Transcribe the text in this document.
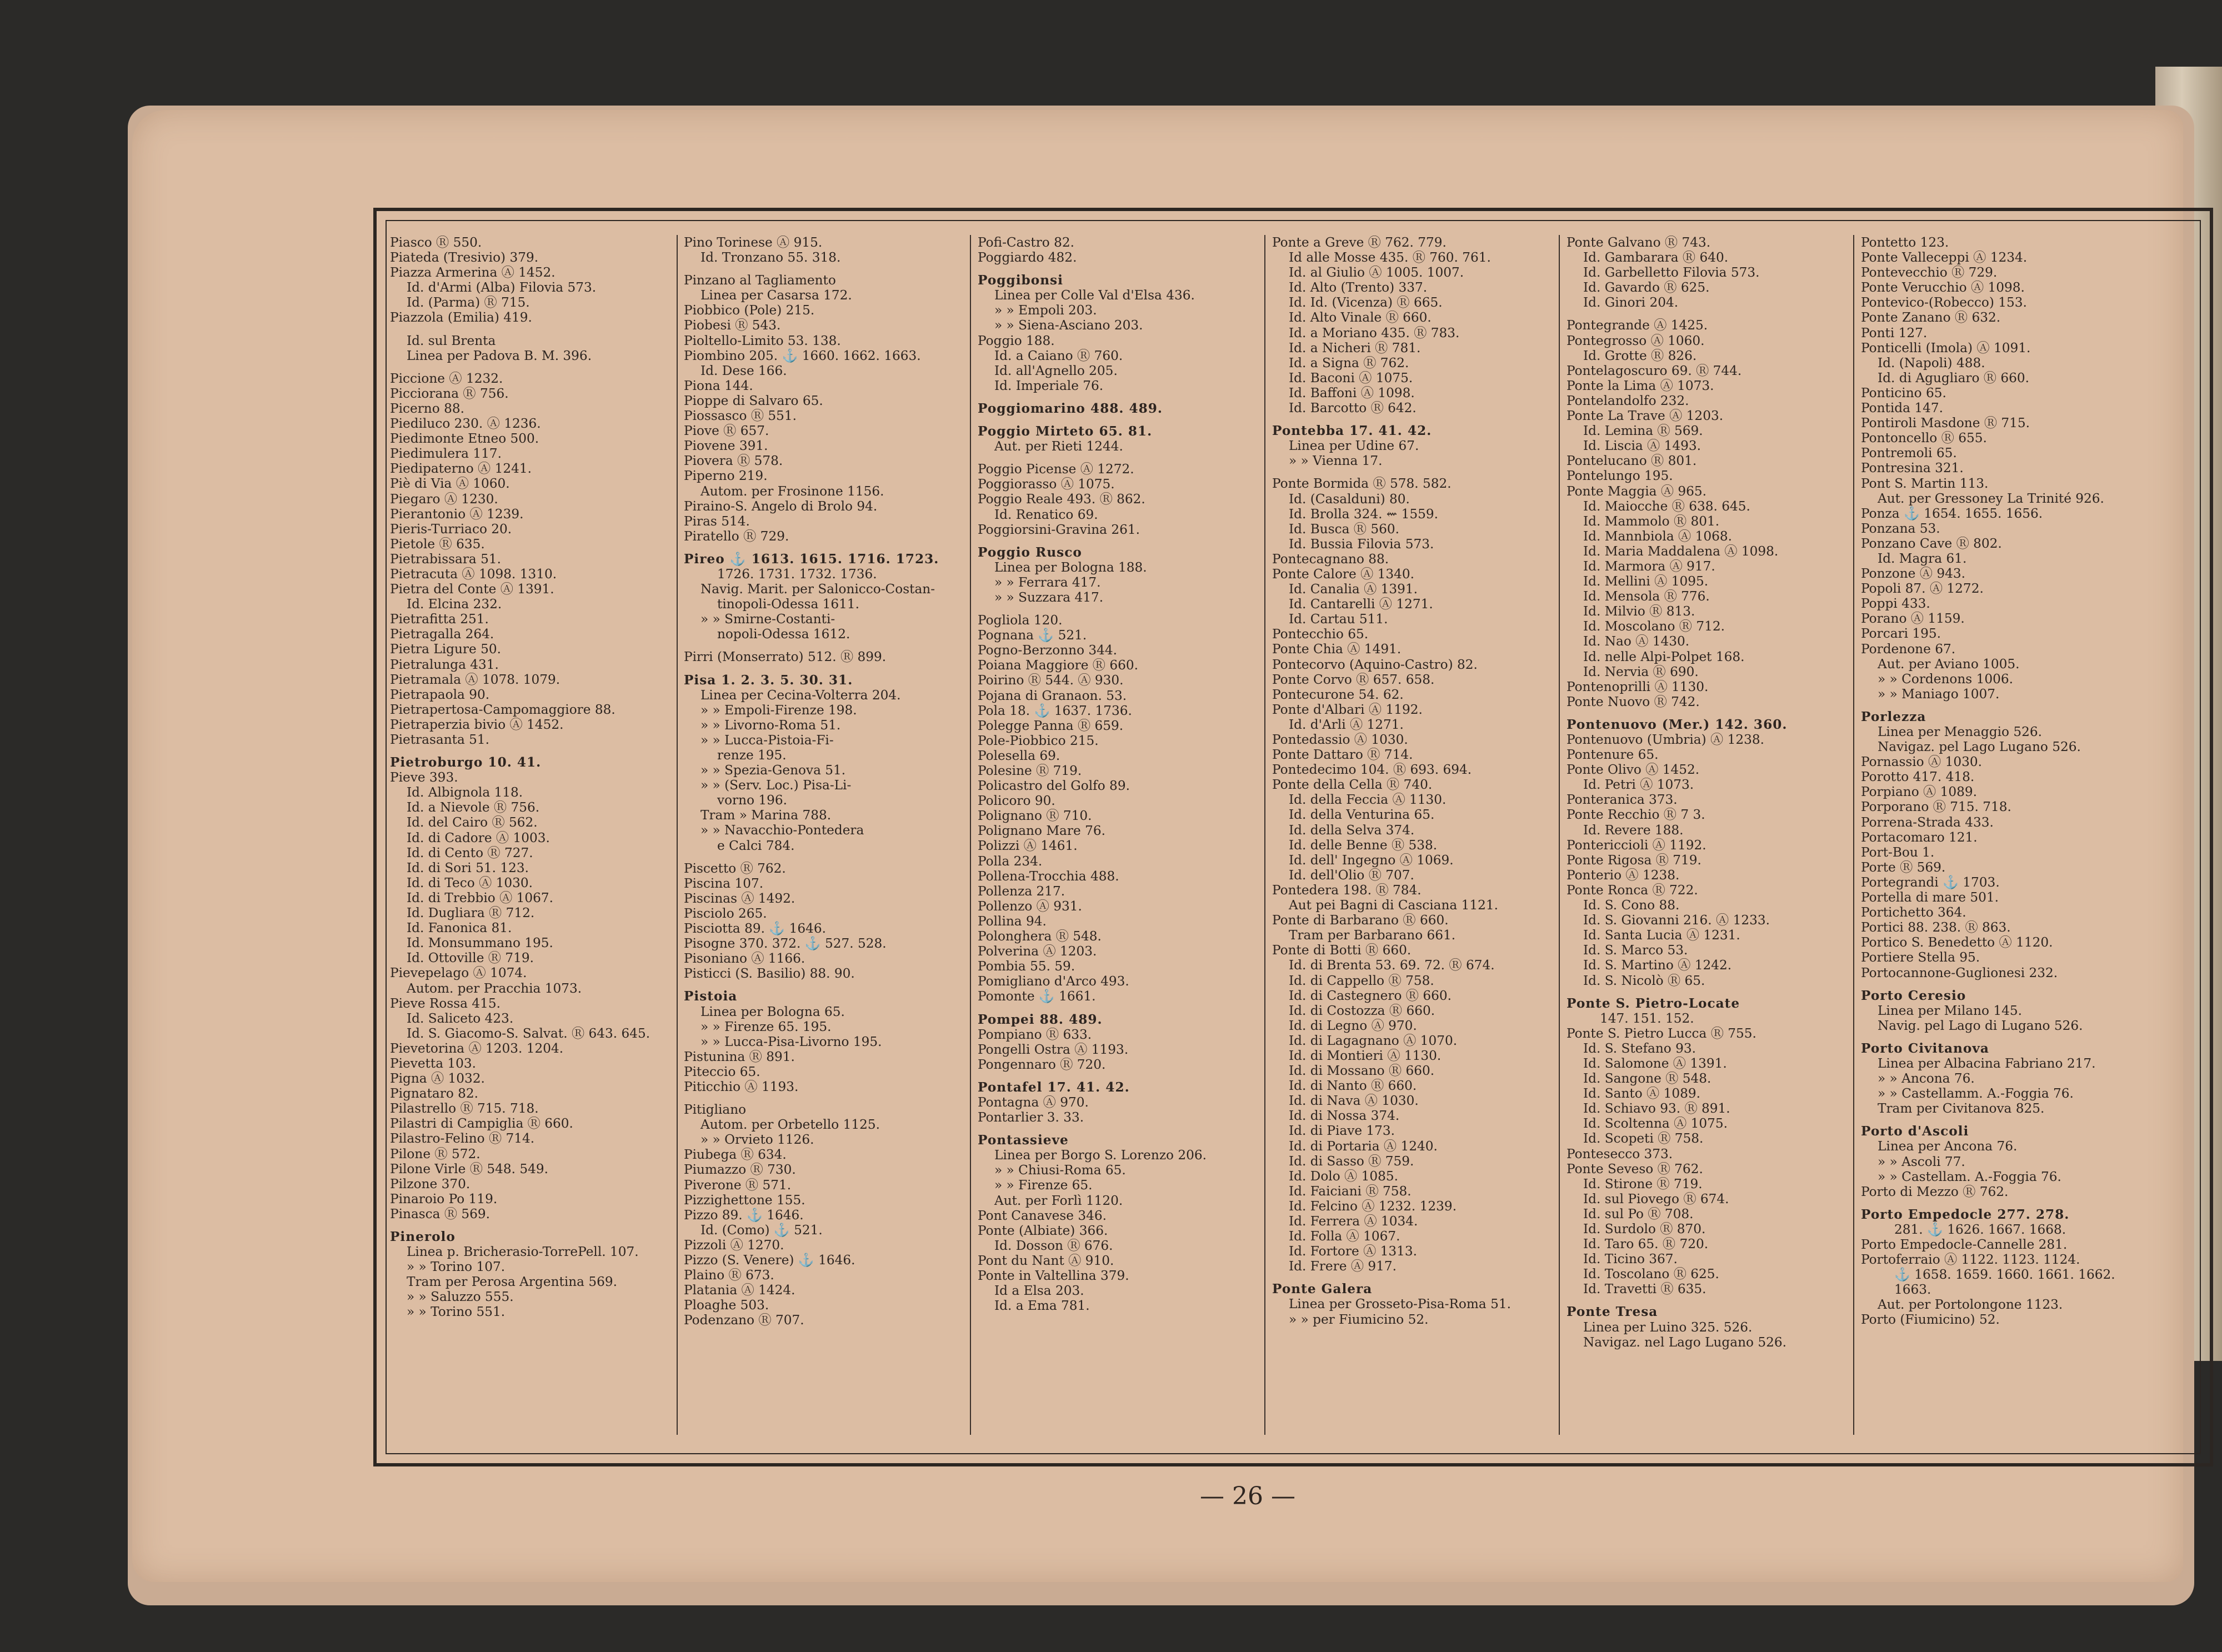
Piasco Ⓡ 550.
Piateda (Tresivio) 379.
Piazza Armerina Ⓐ 1452.
Id. d'Armi (Alba) Filovia 573.
Id. (Parma) Ⓡ 715.
Piazzola (Emilia) 419.
Id. sul Brenta
Linea per Padova B. M. 396.
Piccione Ⓐ 1232.
Picciorana Ⓡ 756.
Picerno 88.
Piediluco 230. Ⓐ 1236.
Piedimonte Etneo 500.
Piedimulera 117.
Piedipaterno Ⓐ 1241.
Piè di Via Ⓐ 1060.
Piegaro Ⓐ 1230.
Pierantonio Ⓐ 1239.
Pieris-Turriaco 20.
Pietole Ⓡ 635.
Pietrabissara 51.
Pietracuta Ⓐ 1098. 1310.
Pietra del Conte Ⓐ 1391.
Id. Elcina 232.
Pietrafitta 251.
Pietragalla 264.
Pietra Ligure 50.
Pietralunga 431.
Pietramala Ⓐ 1078. 1079.
Pietrapaola 90.
Pietrapertosa-Campomaggiore 88.
Pietraperzia bivio Ⓐ 1452.
Pietrasanta 51.
Pietroburgo 10. 41.
Pieve 393.
Id. Albignola 118.
Id. a Nievole Ⓡ 756.
Id. del Cairo Ⓡ 562.
Id. di Cadore Ⓐ 1003.
Id. di Cento Ⓡ 727.
Id. di Sori 51. 123.
Id. di Teco Ⓐ 1030.
Id. di Trebbio Ⓐ 1067.
Id. Dugliara Ⓡ 712.
Id. Fanonica 81.
Id. Monsummano 195.
Id. Ottoville Ⓡ 719.
Pievepelago Ⓐ 1074.
Autom. per Pracchia 1073.
Pieve Rossa 415.
Id. Saliceto 423.
Id. S. Giacomo-S. Salvat. Ⓡ 643. 645.
Pievetorina Ⓐ 1203. 1204.
Pievetta 103.
Pigna Ⓐ 1032.
Pignataro 82.
Pilastrello Ⓡ 715. 718.
Pilastri di Campiglia Ⓡ 660.
Pilastro-Felino Ⓡ 714.
Pilone Ⓡ 572.
Pilone Virle Ⓡ 548. 549.
Pilzone 370.
Pinaroio Po 119.
Pinasca Ⓡ 569.
Pinerolo
Linea p. Bricherasio-TorrePell. 107.
» » Torino 107.
Tram per Perosa Argentina 569.
» » Saluzzo 555.
» » Torino 551.
Pino Torinese Ⓐ 915.
Id. Tronzano 55. 318.
Pinzano al Tagliamento
Linea per Casarsa 172.
Piobbico (Pole) 215.
Piobesi Ⓡ 543.
Pioltello-Limito 53. 138.
Piombino 205. ⚓ 1660. 1662. 1663.
Id. Dese 166.
Piona 144.
Pioppe di Salvaro 65.
Piossasco Ⓡ 551.
Piove Ⓡ 657.
Piovene 391.
Piovera Ⓡ 578.
Piperno 219.
Autom. per Frosinone 1156.
Piraino-S. Angelo di Brolo 94.
Piras 514.
Piratello Ⓡ 729.
Pireo ⚓ 1613. 1615. 1716. 1723.
1726. 1731. 1732. 1736.
Navig. Marit. per Salonicco-Costan-
tinopoli-Odessa 1611.
» » Smirne-Costanti-
nopoli-Odessa 1612.
Pirri (Monserrato) 512. Ⓡ 899.
Pisa 1. 2. 3. 5. 30. 31.
Linea per Cecina-Volterra 204.
» » Empoli-Firenze 198.
» » Livorno-Roma 51.
» » Lucca-Pistoia-Fi-
renze 195.
» » Spezia-Genova 51.
» » (Serv. Loc.) Pisa-Li-
vorno 196.
Tram » Marina 788.
» » Navacchio-Pontedera
e Calci 784.
Piscetto Ⓡ 762.
Piscina 107.
Piscinas Ⓐ 1492.
Pisciolo 265.
Pisciotta 89. ⚓ 1646.
Pisogne 370. 372. ⚓ 527. 528.
Pisoniano Ⓐ 1166.
Pisticci (S. Basilio) 88. 90.
Pistoia
Linea per Bologna 65.
» » Firenze 65. 195.
» » Lucca-Pisa-Livorno 195.
Pistunina Ⓡ 891.
Pitecciο 65.
Piticchio Ⓐ 1193.
Pitigliano
Autom. per Orbetello 1125.
» » Orvieto 1126.
Piubega Ⓡ 634.
Piumazzo Ⓡ 730.
Piverone Ⓡ 571.
Pizzighettone 155.
Pizzo 89. ⚓ 1646.
Id. (Como) ⚓ 521.
Pizzoli Ⓐ 1270.
Pizzo (S. Venere) ⚓ 1646.
Plaino Ⓡ 673.
Platania Ⓐ 1424.
Ploaghe 503.
Podenzano Ⓡ 707.
Pofi-Castro 82.
Poggiardo 482.
Poggibonsi
Linea per Colle Val d'Elsa 436.
» » Empoli 203.
» » Siena-Asciano 203.
Poggio 188.
Id. a Caiano Ⓡ 760.
Id. all'Agnello 205.
Id. Imperiale 76.
Poggiomarino 488. 489.
Poggio Mirteto 65. 81.
Aut. per Rieti 1244.
Poggio Picense Ⓐ 1272.
Poggiorasso Ⓐ 1075.
Poggio Reale 493. Ⓡ 862.
Id. Renatico 69.
Poggiorsini-Gravina 261.
Poggio Rusco
Linea per Bologna 188.
» » Ferrara 417.
» » Suzzara 417.
Pogliola 120.
Pognana ⚓ 521.
Pogno-Berzonno 344.
Poiana Maggiore Ⓡ 660.
Poirino Ⓡ 544. Ⓐ 930.
Pojana di Granaon. 53.
Pola 18. ⚓ 1637. 1736.
Polegge Panna Ⓡ 659.
Pole-Piobbico 215.
Polesella 69.
Polesine Ⓡ 719.
Policastro del Golfo 89.
Policoro 90.
Polignano Ⓡ 710.
Polignano Mare 76.
Polizzi Ⓐ 1461.
Polla 234.
Pollena-Trocchia 488.
Pollenza 217.
Pollenzo Ⓐ 931.
Pollina 94.
Polonghera Ⓡ 548.
Polverina Ⓐ 1203.
Pombia 55. 59.
Pomigliano d'Arco 493.
Pomonte ⚓ 1661.
Pompei 88. 489.
Pompiano Ⓡ 633.
Pongelli Ostra Ⓐ 1193.
Pongennaro Ⓡ 720.
Pontafel 17. 41. 42.
Pontagna Ⓐ 970.
Pontarlier 3. 33.
Pontassieve
Linea per Borgo S. Lorenzo 206.
» » Chiusi-Roma 65.
» » Firenze 65.
Aut. per Forlì 1120.
Pont Canavese 346.
Ponte (Albiate) 366.
Id. Dosson Ⓡ 676.
Pont du Nant Ⓐ 910.
Ponte in Valtellina 379.
Id a Elsa 203.
Id. a Ema 781.
Ponte a Greve Ⓡ 762. 779.
Id alle Mosse 435. Ⓡ 760. 761.
Id. al Giulio Ⓐ 1005. 1007.
Id. Alto (Trento) 337.
Id. Id. (Vicenza) Ⓡ 665.
Id. Alto Vinale Ⓡ 660.
Id. a Moriano 435. Ⓡ 783.
Id. a Nicheri Ⓡ 781.
Id. a Signa Ⓡ 762.
Id. Baconi Ⓐ 1075.
Id. Baffoni Ⓐ 1098.
Id. Barcotto Ⓡ 642.
Pontebba 17. 41. 42.
Linea per Udine 67.
» » Vienna 17.
Ponte Bormida Ⓡ 578. 582.
Id. (Casalduni) 80.
Id. Brolla 324. ⇜ 1559.
Id. Busca Ⓡ 560.
Id. Bussia Filovia 573.
Pontecagnano 88.
Ponte Calore Ⓐ 1340.
Id. Canalia Ⓐ 1391.
Id. Cantarelli Ⓐ 1271.
Id. Cartau 511.
Pontecchio 65.
Ponte Chia Ⓐ 1491.
Pontecorvo (Aquino-Castro) 82.
Ponte Corvo Ⓡ 657. 658.
Pontecurone 54. 62.
Ponte d'Albari Ⓐ 1192.
Id. d'Arli Ⓐ 1271.
Pontedassio Ⓐ 1030.
Ponte Dattaro Ⓡ 714.
Pontedecimo 104. Ⓡ 693. 694.
Ponte della Cella Ⓡ 740.
Id. della Feccia Ⓐ 1130.
Id. della Venturina 65.
Id. della Selva 374.
Id. delle Benne Ⓡ 538.
Id. dell' Ingegno Ⓐ 1069.
Id. dell'Olio Ⓡ 707.
Pontedera 198. Ⓡ 784.
Aut pei Bagni di Casciana 1121.
Ponte di Barbarano Ⓡ 660.
Tram per Barbarano 661.
Ponte di Botti Ⓡ 660.
Id. di Brenta 53. 69. 72. Ⓡ 674.
Id. di Cappello Ⓡ 758.
Id. di Castegnero Ⓡ 660.
Id. di Costozza Ⓡ 660.
Id. di Legno Ⓐ 970.
Id. di Lagagnano Ⓐ 1070.
Id. di Montieri Ⓐ 1130.
Id. di Mossano Ⓡ 660.
Id. di Nanto Ⓡ 660.
Id. di Nava Ⓐ 1030.
Id. di Nossa 374.
Id. di Piave 173.
Id. di Portaria Ⓐ 1240.
Id. di Sasso Ⓡ 759.
Id. Dolo Ⓐ 1085.
Id. Faiciani Ⓡ 758.
Id. Felcino Ⓐ 1232. 1239.
Id. Ferrera Ⓐ 1034.
Id. Folla Ⓐ 1067.
Id. Fortore Ⓐ 1313.
Id. Frere Ⓐ 917.
Ponte Galera
Linea per Grosseto-Pisa-Roma 51.
» » per Fiumicino 52.
Ponte Galvano Ⓡ 743.
Id. Gambarara Ⓡ 640.
Id. Garbelletto Filovia 573.
Id. Gavardo Ⓡ 625.
Id. Ginori 204.
Pontegrande Ⓐ 1425.
Pontegrosso Ⓐ 1060.
Id. Grotte Ⓡ 826.
Pontelagoscuro 69. Ⓡ 744.
Ponte la Lima Ⓐ 1073.
Pontelandolfo 232.
Ponte La Trave Ⓐ 1203.
Id. Lemina Ⓡ 569.
Id. Liscia Ⓐ 1493.
Pontelucano Ⓡ 801.
Pontelungo 195.
Ponte Maggia Ⓐ 965.
Id. Maiocche Ⓡ 638. 645.
Id. Mammolo Ⓡ 801.
Id. Mannbiola Ⓐ 1068.
Id. Maria Maddalena Ⓐ 1098.
Id. Marmora Ⓐ 917.
Id. Mellini Ⓐ 1095.
Id. Mensola Ⓡ 776.
Id. Milvio Ⓡ 813.
Id. Moscolano Ⓡ 712.
Id. Nao Ⓐ 1430.
Id. nelle Alpi-Polpet 168.
Id. Nervia Ⓡ 690.
Pontenoprilli Ⓐ 1130.
Ponte Nuovo Ⓡ 742.
Pontenuovo (Mer.) 142. 360.
Pontenuovo (Umbria) Ⓐ 1238.
Pontenure 65.
Ponte Olivo Ⓐ 1452.
Id. Petri Ⓐ 1073.
Ponteranica 373.
Ponte Recchio Ⓡ 7 3.
Id. Revere 188.
Pontericcioli Ⓐ 1192.
Ponte Rigosa Ⓡ 719.
Ponterio Ⓐ 1238.
Ponte Ronca Ⓡ 722.
Id. S. Cono 88.
Id. S. Giovanni 216. Ⓐ 1233.
Id. Santa Lucia Ⓐ 1231.
Id. S. Marco 53.
Id. S. Martino Ⓐ 1242.
Id. S. Nicolò Ⓡ 65.
Ponte S. Pietro-Locate
147. 151. 152.
Ponte S. Pietro Lucca Ⓡ 755.
Id. S. Stefano 93.
Id. Salomone Ⓐ 1391.
Id. Sangone Ⓡ 548.
Id. Santo Ⓐ 1089.
Id. Schiavo 93. Ⓡ 891.
Id. Scoltenna Ⓐ 1075.
Id. Scopeti Ⓡ 758.
Pontesecco 373.
Ponte Seveso Ⓡ 762.
Id. Stirone Ⓡ 719.
Id. sul Piovego Ⓡ 674.
Id. sul Po Ⓡ 708.
Id. Surdolo Ⓡ 870.
Id. Taro 65. Ⓡ 720.
Id. Ticino 367.
Id. Toscolano Ⓡ 625.
Id. Travetti Ⓡ 635.
Ponte Tresa
Linea per Luino 325. 526.
Navigaz. nel Lago Lugano 526.
Pontetto 123.
Ponte Valleceppi Ⓐ 1234.
Pontevecchio Ⓡ 729.
Ponte Verucchio Ⓐ 1098.
Pontevico-(Robecco) 153.
Ponte Zanano Ⓡ 632.
Ponti 127.
Ponticelli (Imola) Ⓐ 1091.
Id. (Napoli) 488.
Id. di Agugliaro Ⓡ 660.
Ponticino 65.
Pontida 147.
Pontiroli Masdone Ⓡ 715.
Pontoncello Ⓡ 655.
Pontremoli 65.
Pontresina 321.
Pont S. Martin 113.
Aut. per Gressoney La Trinité 926.
Ponza ⚓ 1654. 1655. 1656.
Ponzana 53.
Ponzano Cave Ⓡ 802.
Id. Magra 61.
Ponzone Ⓐ 943.
Popoli 87. Ⓐ 1272.
Poppi 433.
Porano Ⓐ 1159.
Porcari 195.
Pordenone 67.
Aut. per Aviano 1005.
» » Cordenons 1006.
» » Maniago 1007.
Porlezza
Linea per Menaggio 526.
Navigaz. pel Lago Lugano 526.
Pornassio Ⓐ 1030.
Porotto 417. 418.
Porpiano Ⓐ 1089.
Porporano Ⓡ 715. 718.
Porrena-Strada 433.
Portacomaro 121.
Port-Bou 1.
Porte Ⓡ 569.
Portegrandi ⚓ 1703.
Portella di mare 501.
Portichetto 364.
Portici 88. 238. Ⓡ 863.
Portico S. Benedetto Ⓐ 1120.
Portiere Stella 95.
Portocannone-Guglionesi 232.
Porto Ceresio
Linea per Milano 145.
Navig. pel Lago di Lugano 526.
Porto Civitanova
Linea per Albacina Fabriano 217.
» » Ancona 76.
» » Castellamm. A.-Foggia 76.
Tram per Civitanova 825.
Porto d'Ascoli
Linea per Ancona 76.
» » Ascoli 77.
» » Castellam. A.-Foggia 76.
Porto di Mezzo Ⓡ 762.
Porto Empedocle 277. 278.
281. ⚓ 1626. 1667. 1668.
Porto Empedocle-Cannelle 281.
Portoferraio Ⓐ 1122. 1123. 1124.
⚓ 1658. 1659. 1660. 1661. 1662.
1663.
Aut. per Portolongone 1123.
Porto (Fiumicino) 52.
— 26 —
